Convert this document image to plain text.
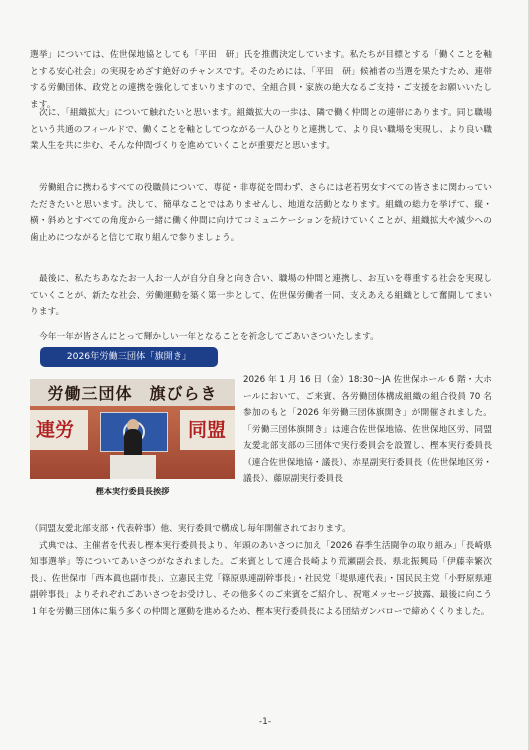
選挙」については、佐世保地協としても「平田　研」氏を推薦決定しています。私たちが目標とする「働くことを軸とする安心社会」の実現をめざす絶好のチャンスです。そのためには、「平田　研」候補者の当選を果たすため、連帯する労働団体、政党との連携を強化してまいりますので、全組合員・家族の絶大なるご支持・ご支援をお願いいたします。

次に、「組織拡大」について触れたいと思います。組織拡大の一歩は、隣で働く仲間との連帯にあります。同じ職場という共通のフィールドで、働くことを軸としてつながる一人ひとりと連携して、より良い職場を実現し、より良い職業人生を共に歩む、そんな仲間づくりを進めていくことが重要だと思います。

労働組合に携わるすべての役職員について、専従・非専従を問わず、さらには老若男女すべての皆さまに関わっていただきたいと思います。決して、簡単なことではありませんし、地道な活動となります。組織の総力を挙げて、縦・横・斜めとすべての角度から一緒に働く仲間に向けてコミュニケーションを続けていくことが、組織拡大や減少への歯止めにつながると信じて取り組んで参りましょう。

最後に、私たちあなたお一人お一人が自分自身と向き合い、職場の仲間と連携し、お互いを尊重する社会を実現していくことが、新たな社会、労働運動を築く第一歩として、佐世保労働者一同、支えあえる組織として奮闘してまいります。

今年一年が皆さんにとって輝かしい一年となることを祈念してごあいさついたします。

2026年労働三団体「旗開き」
労働三団体　旗びらき
連労	同盟
樫本実行委員長挨拶

2026 年 1 月 16 日（金）18:30〜JA 佐世保ホール 6 階・大ホールにおいて、ご来賓、各労働団体構成組織の組合役員 70 名参加のもと「2026 年労働三団体旗開き」が開催されました。「労働三団体旗開き」は連合佐世保地協、佐世保地区労、同盟友愛北部支部の三団体で実行委員会を設置し、樫本実行委員長（連合佐世保地協・議長）、赤星副実行委員長（佐世保地区労・議長）、藤原副実行委員長

（同盟友愛北部支部・代表幹事）他、実行委員で構成し毎年開催されております。
式典では、主催者を代表し樫本実行委員長より、年頭のあいさつに加え「2026 春季生活闘争の取り組み」「長崎県知事選挙」等についてあいさつがなされました。ご来賓として連合長崎より荒瀬副会長、県北振興局「伊藤幸繁次長」、佐世保市「西本眞也副市長」、立憲民主党「篠原県連副幹事長」・社民党「堤県連代表」・国民民主党「小野原県連副幹事長」よりそれぞれごあいさつをお受けし、その他多くのご来賓をご紹介し、祝電メッセージ披露、最後に向こう１年を労働三団体に集う多くの仲間と運動を進めるため、樫本実行委員長による団結ガンバローで締めくくりました。
-1-
